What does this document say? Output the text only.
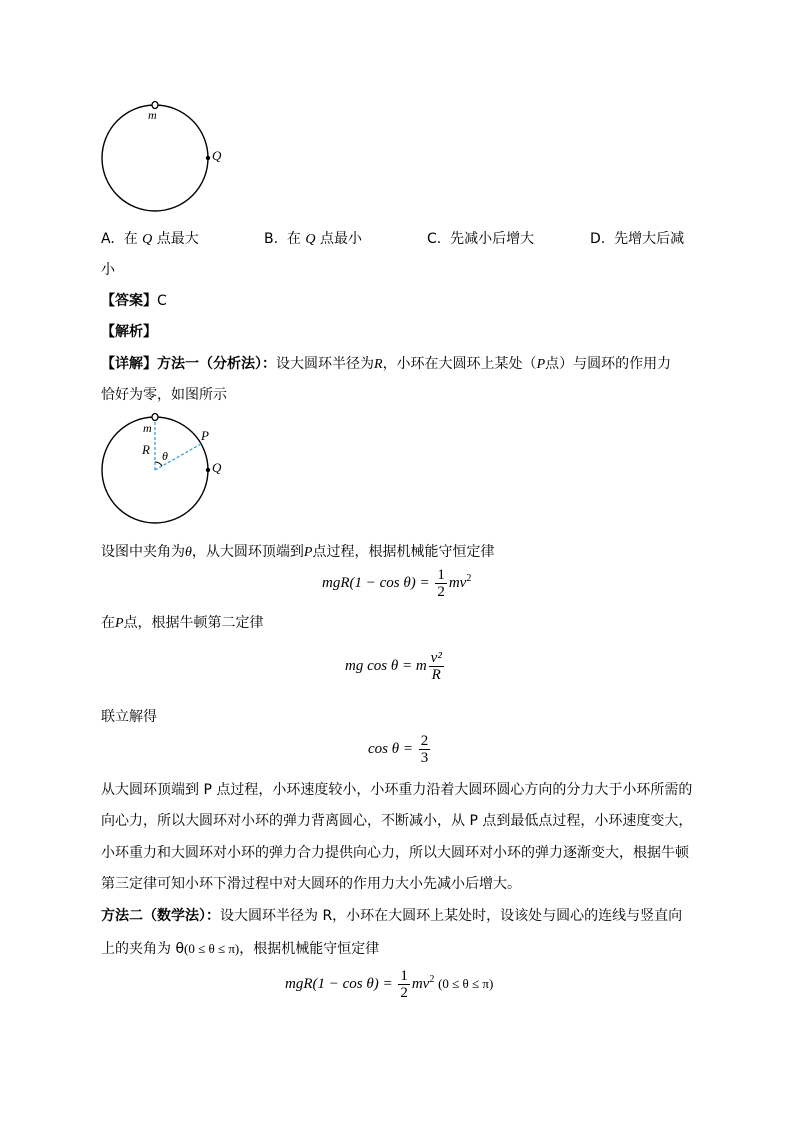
m
Q
A. 在 Q 点最大	B. 在 Q 点最小	C. 先减小后增大	D. 先增大后减
小
【答案】C
【解析】
【详解】方法一（分析法）：设大圆环半径为R，小环在大圆环上某处（P点）与圆环的作用力
恰好为零，如图所示
m
R θ
P
Q
设图中夹角为θ，从大圆环顶端到P点过程，根据机械能守恒定律
$mgR(1 - \cos \theta) = \frac{1}{2} mv^2$
在P点，根据牛顿第二定律
mg cos θ = m $\frac{\text{v²}}{R}$
联立解得
$\cos \theta = \frac{2}{3}$
从大圆环顶端到 P 点过程，小环速度较小，小环重力沿着大圆环圆心方向的分力大于小环所需的
向心力，所以大圆环对小环的弹力背离圆心，不断减小，从 P 点到最低点过程，小环速度变大，
小环重力和大圆环对小环的弹力合力提供向心力，所以大圆环对小环的弹力逐渐变大，根据牛顿
第三定律可知小环下滑过程中对大圆环的作用力大小先减小后增大。
方法二（数学法）：设大圆环半径为 R，小环在大圆环上某处时，设该处与圆心的连线与竖直向
上的夹角为 θ(0 ≤ θ ≤ π)，根据机械能守恒定律
$mgR(1 - \cos \theta) = \frac{1}{2} mv^2$ (0 ≤ θ ≤ π)
